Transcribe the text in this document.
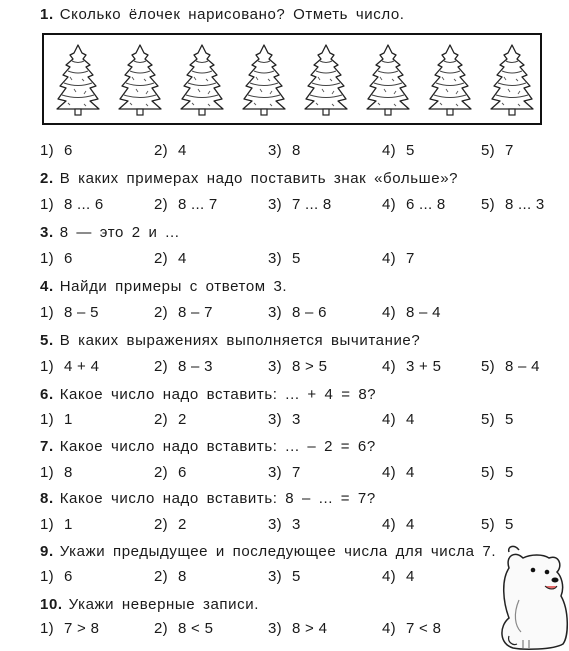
1. Сколько ёлочек нарисовано? Отметь число.
1) 6	2) 4	3) 8	4) 5	5) 7
2. В каких примерах надо поставить знак «больше»?
1) 8 ... 6	2) 8 ... 7	3) 7 ... 8	4) 6 ... 8 5) 8 ... 3
3. 8 — это 2 и ...
1) 6	2) 4	3) 5	4) 7
4. Найди примеры с ответом 3.
1) 8 – 5	2) 8 – 7	3) 8 – 6	4) 8 – 4
5. В каких выражениях выполняется вычитание?
1) 4 + 4	2) 8 – 3	3) 8 > 5	4) 3 + 5	5) 8 – 4
6. Какое число надо вставить: ... + 4 = 8?
1) 1	2) 2	3) 3	4) 4	5) 5
7. Какое число надо вставить: ... – 2 = 6?
1) 8	2) 6	3) 7	4) 4	5) 5
8. Какое число надо вставить: 8 – ... = 7?
1) 1	2) 2	3) 3	4) 4	5) 5
9. Укажи предыдущее и последующее числа для числа 7.
1) 6	2) 8	3) 5	4) 4
10. Укажи неверные записи.
1) 7 > 8	2) 8 < 5	3) 8 > 4	4) 7 < 8
